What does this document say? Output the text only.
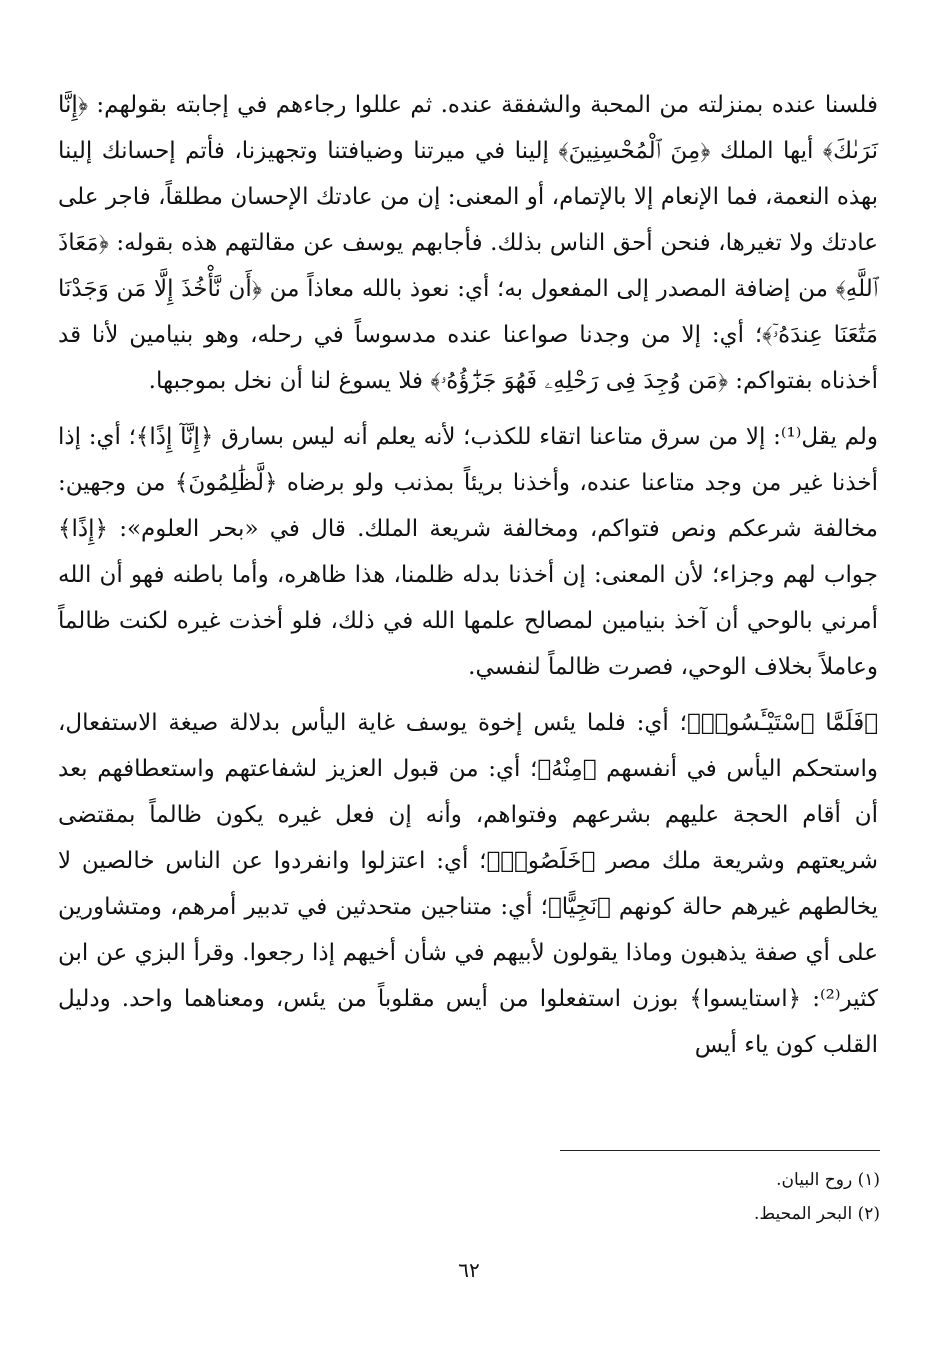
فلسنا عنده بمنزلته من المحبة والشفقة عنده. ثم عللوا رجاءهم في إجابته بقولهم: ﴿إِنَّا نَرَىٰكَ﴾ أيها الملك ﴿مِنَ ٱلْمُحْسِنِينَ﴾ إلينا في ميرتنا وضيافتنا وتجهيزنا، فأتم إحسانك إلينا بهذه النعمة، فما الإنعام إلا بالإتمام، أو المعنى: إن من عادتك الإحسان مطلقاً، فاجر على عادتك ولا تغيرها، فنحن أحق الناس بذلك. فأجابهم يوسف عن مقالتهم هذه بقوله: ﴿مَعَاذَ ٱللَّهِ﴾ من إضافة المصدر إلى المفعول به؛ أي: نعوذ بالله معاذاً من ﴿أَن نَّأْخُذَ إِلَّا مَن وَجَدْنَا مَتَٰعَنَا عِندَهُۥٓ﴾؛ أي: إلا من وجدنا صواعنا عنده مدسوساً في رحله، وهو بنيامين لأنا قد أخذناه بفتواكم: ﴿مَن وُجِدَ فِى رَحْلِهِۦ فَهُوَ جَزَٰٓؤُهُۥ﴾ فلا يسوغ لنا أن نخل بموجبها.

ولم يقل⁽¹⁾: إلا من سرق متاعنا اتقاء للكذب؛ لأنه يعلم أنه ليس بسارق ﴿إِنَّآ إِذًا﴾؛ أي: إذا أخذنا غير من وجد متاعنا عنده، وأخذنا بريئاً بمذنب ولو برضاه ﴿لَّظَٰلِمُونَ﴾ من وجهين: مخالفة شرعكم ونص فتواكم، ومخالفة شريعة الملك. قال في «بحر العلوم»: ﴿إِذًا﴾ جواب لهم وجزاء؛ لأن المعنى: إن أخذنا بدله ظلمنا، هذا ظاهره، وأما باطنه فهو أن الله أمرني بالوحي أن آخذ بنيامين لمصالح علمها الله في ذلك، فلو أخذت غيره لكنت ظالماً وعاملاً بخلاف الوحي، فصرت ظالماً لنفسي.

﴿فَلَمَّا ٱسْتَيْـَٔسُوا۟﴾؛ أي: فلما يئس إخوة يوسف غاية اليأس بدلالة صيغة الاستفعال، واستحكم اليأس في أنفسهم ﴿مِنْهُ﴾؛ أي: من قبول العزيز لشفاعتهم واستعطافهم بعد أن أقام الحجة عليهم بشرعهم وفتواهم، وأنه إن فعل غيره يكون ظالماً بمقتضى شريعتهم وشريعة ملك مصر ﴿خَلَصُوا۟﴾؛ أي: اعتزلوا وانفردوا عن الناس خالصين لا يخالطهم غيرهم حالة كونهم ﴿نَجِيًّا﴾؛ أي: متناجين متحدثين في تدبير أمرهم، ومتشاورين على أي صفة يذهبون وماذا يقولون لأبيهم في شأن أخيهم إذا رجعوا. وقرأ البزي عن ابن كثير⁽²⁾: ﴿استايسوا﴾ بوزن استفعلوا من أيس مقلوباً من يئس، ومعناهما واحد. ودليل القلب كون ياء أيس

(١) روح البيان.
(٢) البحر المحيط.
٦٢
